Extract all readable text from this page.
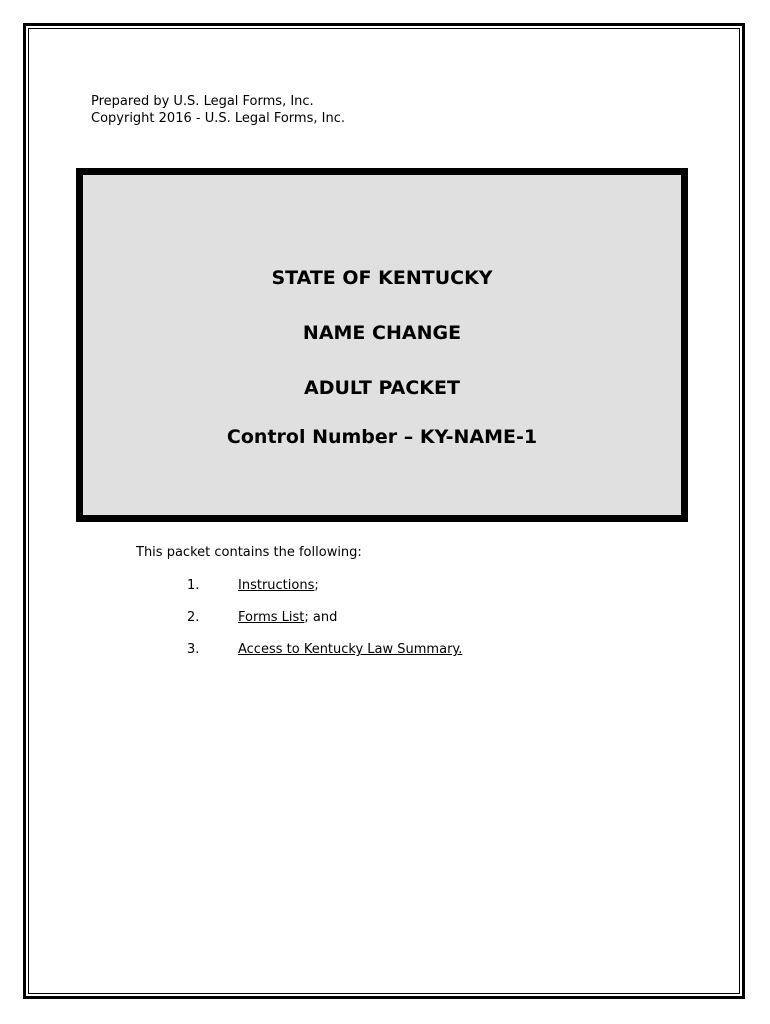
Prepared by U.S. Legal Forms, Inc.
Copyright 2016 - U.S. Legal Forms, Inc.
STATE OF KENTUCKY
NAME CHANGE
ADULT PACKET
Control Number – KY-NAME-1
This packet contains the following:
1.	Instructions;
2.	Forms List; and
3.	Access to Kentucky Law Summary.
